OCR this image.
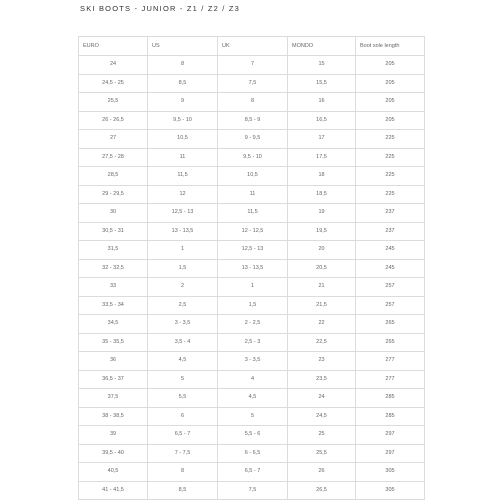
SKI BOOTS - JUNIOR - Z1 / Z2 / Z3
EURO	US	UK	MONDO	Boot sole length
24	8	7	15	205
24,5 - 25	8,5	7,5	15,5	205
25,5	9	8	16	205
26 - 26,5	9,5 - 10	8,5 - 9	16,5	205
27	10,5	9 - 9,5	17	225
27,5 - 28	11	9,5 - 10	17,5	225
28,5	11,5	10,5	18	225
29 - 29,5	12	11	18,5	225
30	12,5 - 13	11,5	19	237
30,5 - 31	13 - 13,5	12 - 12,5	19,5	237
31,5	1	12,5 - 13	20	245
32 - 32,5	1,5	13 - 13,5	20,5	245
33	2	1	21	257
33,5 - 34	2,5	1,5	21,5	257
34,5	3 - 3,5	2 - 2,5	22	265
35 - 35,5	3,5 - 4	2,5 - 3	22,5	265
36	4,5	3 - 3,5	23	277
36,5 - 37	5	4	23,5	277
37,5	5,5	4,5	24	285
38 - 38,5	6	5	24,5	285
39	6,5 - 7	5,5 - 6	25	297
39,5 - 40	7 - 7,5	6 - 6,5	25,5	297
40,5	8	6,5 - 7	26	305
41 - 41,5	8,5	7,5	26,5	305
